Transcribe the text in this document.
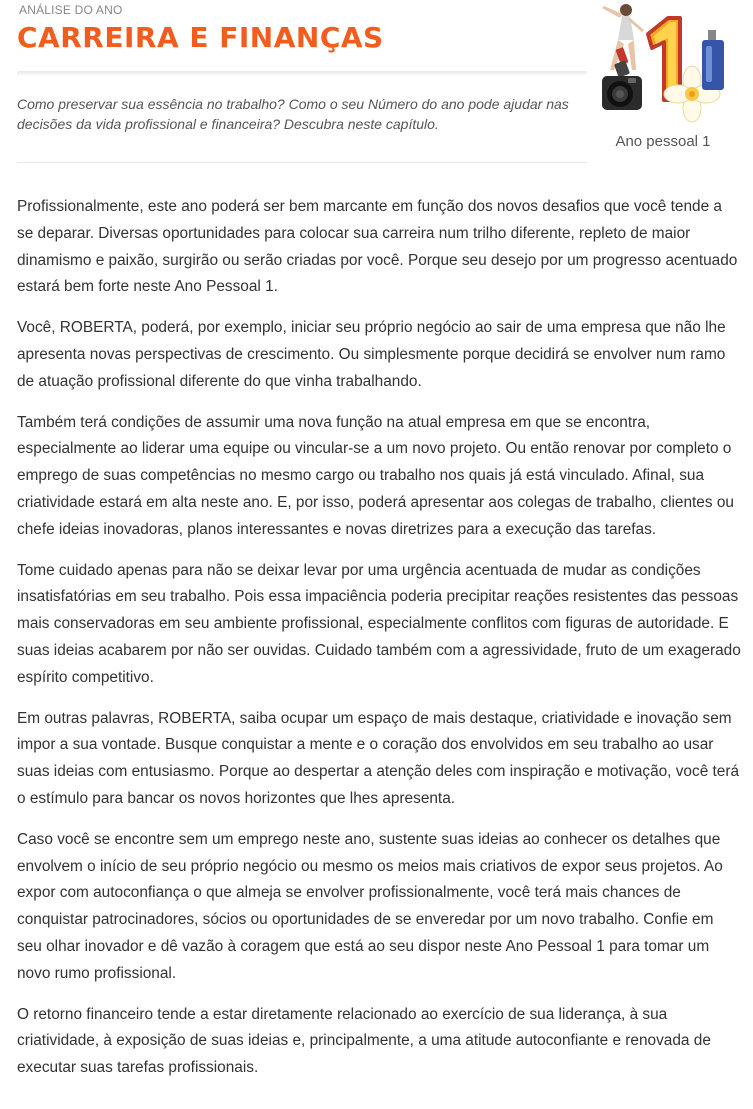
ANÁLISE DO ANO
CARREIRA E FINANÇAS

Como preservar sua essência no trabalho? Como o seu Número do ano pode ajudar nas decisões da vida profissional e financeira? Descubra neste capítulo.

Ano pessoal 1

Profissionalmente, este ano poderá ser bem marcante em função dos novos desafios que você tende a se deparar. Diversas oportunidades para colocar sua carreira num trilho diferente, repleto de maior dinamismo e paixão, surgirão ou serão criadas por você. Porque seu desejo por um progresso acentuado estará bem forte neste Ano Pessoal 1.

Você, ROBERTA, poderá, por exemplo, iniciar seu próprio negócio ao sair de uma empresa que não lhe apresenta novas perspectivas de crescimento. Ou simplesmente porque decidirá se envolver num ramo de atuação profissional diferente do que vinha trabalhando.

Também terá condições de assumir uma nova função na atual empresa em que se encontra, especialmente ao liderar uma equipe ou vincular-se a um novo projeto. Ou então renovar por completo o emprego de suas competências no mesmo cargo ou trabalho nos quais já está vinculado. Afinal, sua criatividade estará em alta neste ano. E, por isso, poderá apresentar aos colegas de trabalho, clientes ou chefe ideias inovadoras, planos interessantes e novas diretrizes para a execução das tarefas.

Tome cuidado apenas para não se deixar levar por uma urgência acentuada de mudar as condições insatisfatórias em seu trabalho. Pois essa impaciência poderia precipitar reações resistentes das pessoas mais conservadoras em seu ambiente profissional, especialmente conflitos com figuras de autoridade. E suas ideias acabarem por não ser ouvidas. Cuidado também com a agressividade, fruto de um exagerado espírito competitivo.

Em outras palavras, ROBERTA, saiba ocupar um espaço de mais destaque, criatividade e inovação sem impor a sua vontade. Busque conquistar a mente e o coração dos envolvidos em seu trabalho ao usar suas ideias com entusiasmo. Porque ao despertar a atenção deles com inspiração e motivação, você terá o estímulo para bancar os novos horizontes que lhes apresenta.

Caso você se encontre sem um emprego neste ano, sustente suas ideias ao conhecer os detalhes que envolvem o início de seu próprio negócio ou mesmo os meios mais criativos de expor seus projetos. Ao expor com autoconfiança o que almeja se envolver profissionalmente, você terá mais chances de conquistar patrocinadores, sócios ou oportunidades de se enveredar por um novo trabalho. Confie em seu olhar inovador e dê vazão à coragem que está ao seu dispor neste Ano Pessoal 1 para tomar um novo rumo profissional.

O retorno financeiro tende a estar diretamente relacionado ao exercício de sua liderança, à sua criatividade, à exposição de suas ideias e, principalmente, a uma atitude autoconfiante e renovada de executar suas tarefas profissionais.
